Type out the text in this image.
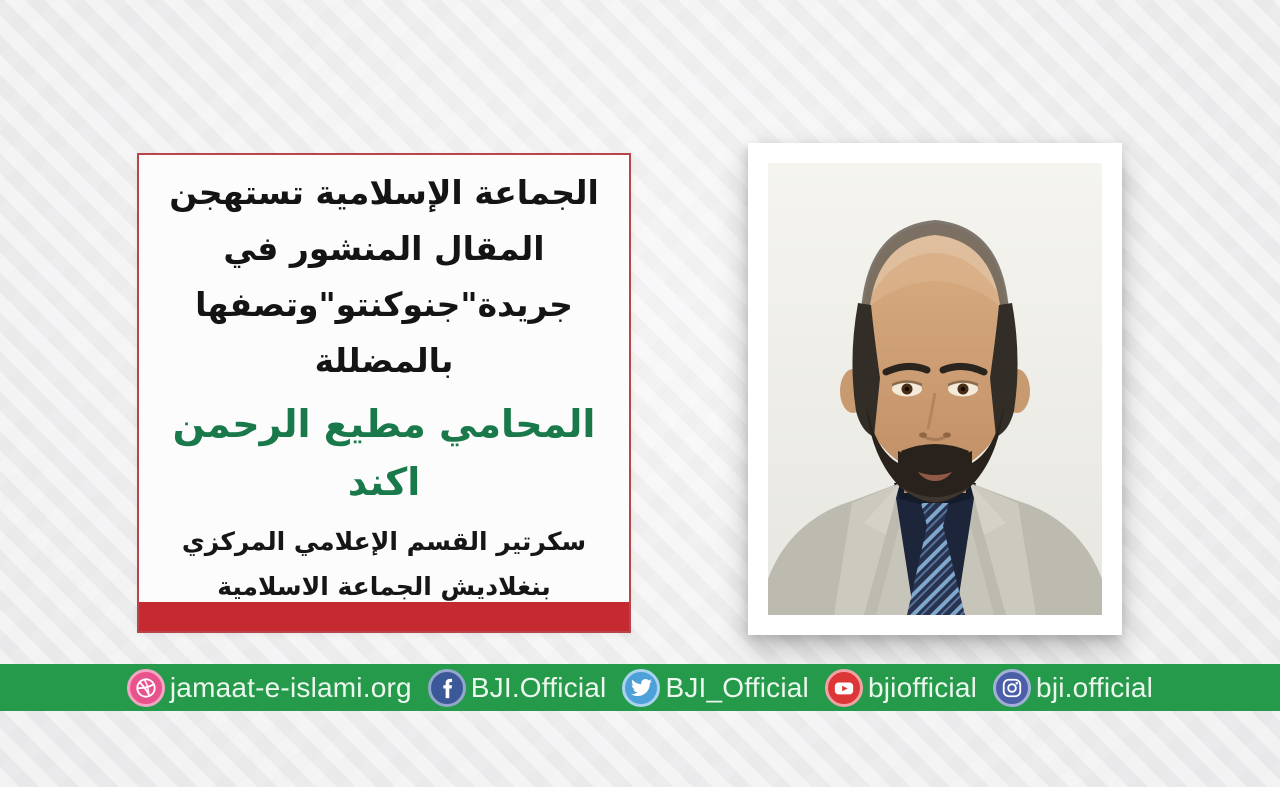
الجماعة الإسلامية تستهجن
المقال المنشور في
جريدة"جنوكنتو"وتصفها
بالمضللة
المحامي مطيع الرحمن اكند
سكرتير القسم الإعلامي المركزي
بنغلاديش الجماعة الاسلامية
jamaat-e-islami.org BJI.Official BJI_Official bjiofficial bji.official
